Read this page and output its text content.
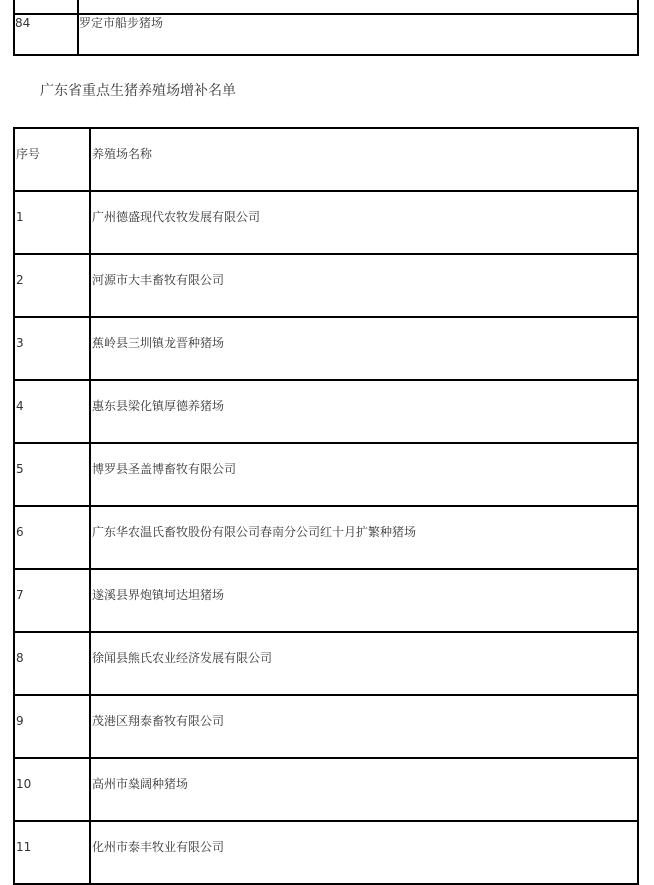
84	罗定市船步猪场
广东省重点生猪养殖场增补名单
序号	养殖场名称

1	广州德盛现代农牧发展有限公司

2	河源市大丰畜牧有限公司

3	蕉岭县三圳镇龙晋种猪场

4	惠东县梁化镇厚德养猪场

5	博罗县圣盖博畜牧有限公司

6	广东华农温氏畜牧股份有限公司春南分公司红十月扩繁种猪场

7	遂溪县界炮镇坷达坦猪场

8	徐闻县熊氏农业经济发展有限公司

9	茂港区翔泰畜牧有限公司

10	高州市燊阔种猪场

11	化州市泰丰牧业有限公司
